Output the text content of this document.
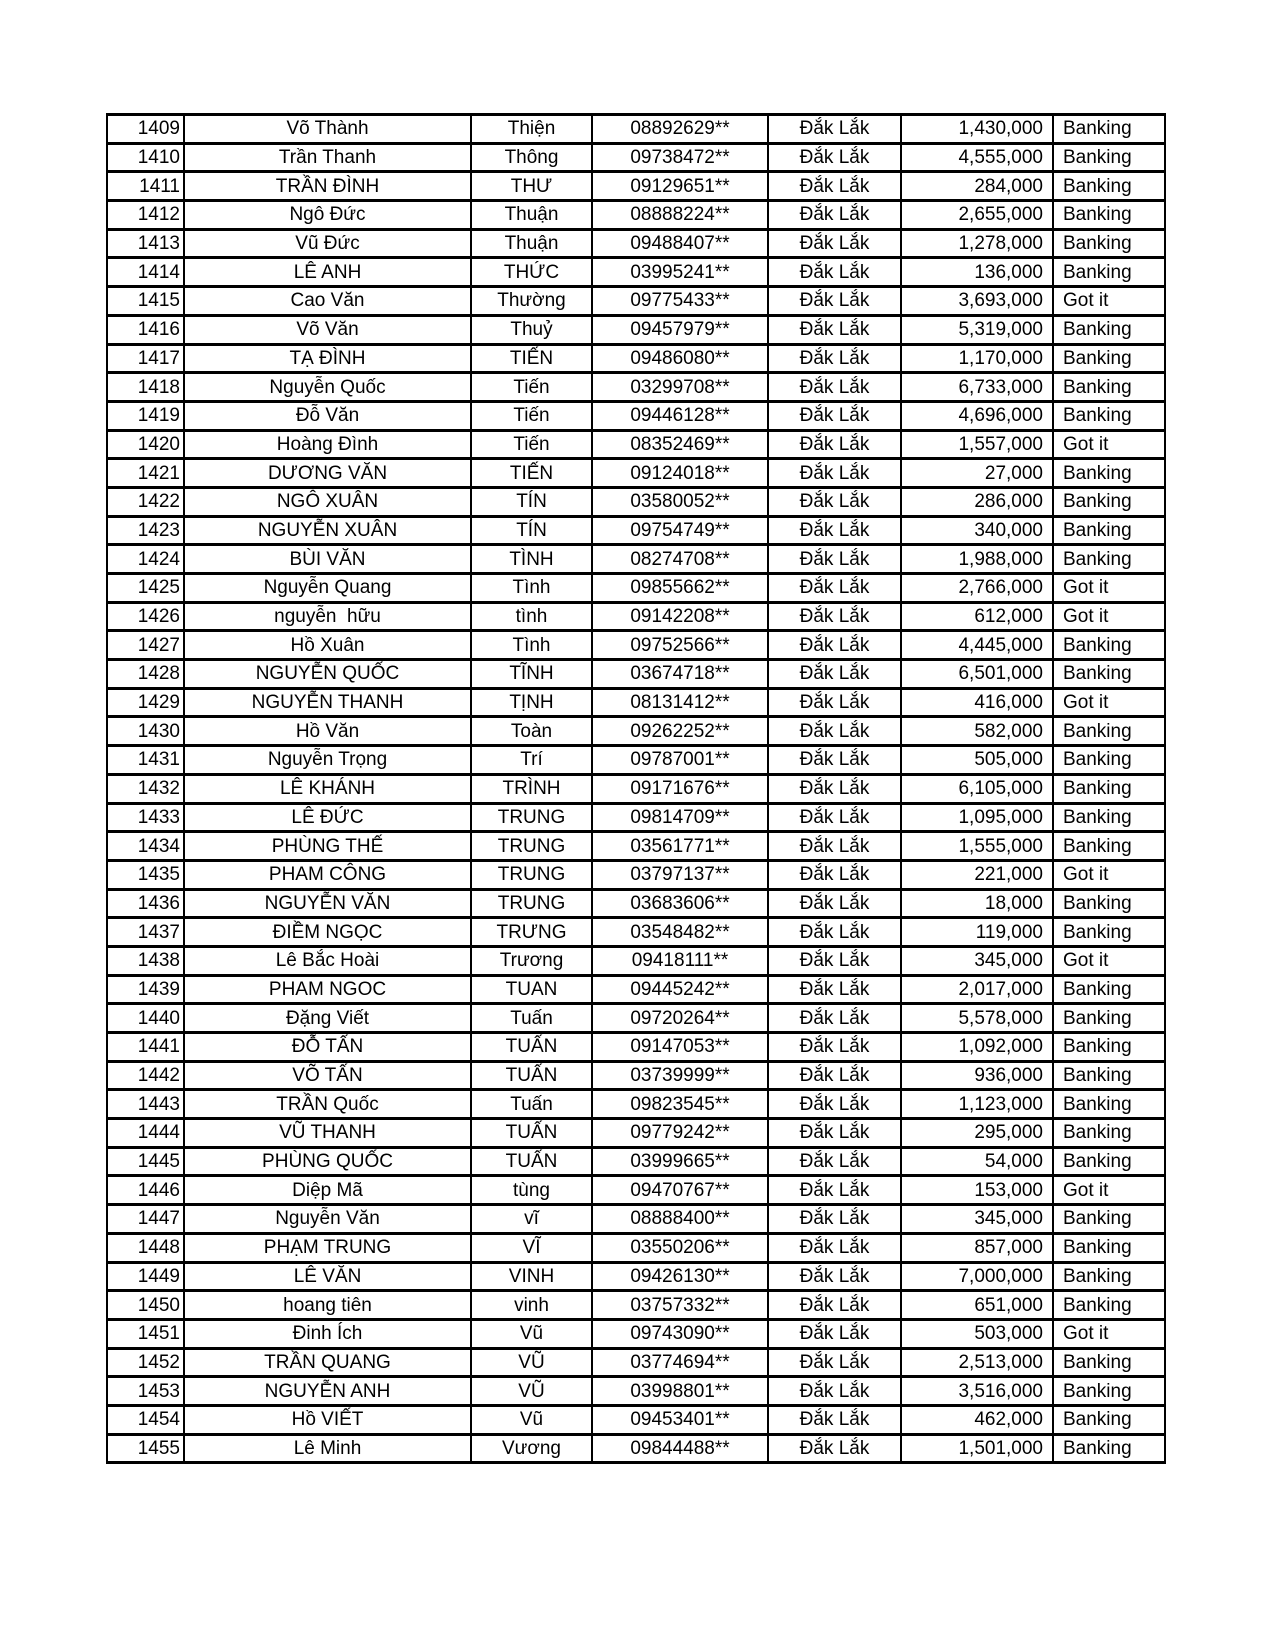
1409	Võ Thành	Thiện	08892629**	Đắk Lắk	1,430,000	Banking
1410	Trần Thanh	Thông	09738472**	Đắk Lắk	4,555,000	Banking
1411	TRẦN ĐÌNH	THƯ	09129651**	Đắk Lắk	284,000	Banking
1412	Ngô Đức	Thuận	08888224**	Đắk Lắk	2,655,000	Banking
1413	Vũ Đức	Thuận	09488407**	Đắk Lắk	1,278,000	Banking
1414	LÊ ANH	THỨC	03995241**	Đắk Lắk	136,000	Banking
1415	Cao Văn	Thường	09775433**	Đắk Lắk	3,693,000	Got it
1416	Võ Văn	Thuỷ	09457979**	Đắk Lắk	5,319,000	Banking
1417	TẠ ĐÌNH	TIẾN	09486080**	Đắk Lắk	1,170,000	Banking
1418	Nguyễn Quốc	Tiến	03299708**	Đắk Lắk	6,733,000	Banking
1419	Đỗ Văn	Tiến	09446128**	Đắk Lắk	4,696,000	Banking
1420	Hoàng Đình	Tiến	08352469**	Đắk Lắk	1,557,000	Got it
1421	DƯƠNG VĂN	TIẾN	09124018**	Đắk Lắk	27,000	Banking
1422	NGÔ XUÂN	TÍN	03580052**	Đắk Lắk	286,000	Banking
1423	NGUYỄN XUÂN	TÍN	09754749**	Đắk Lắk	340,000	Banking
1424	BÙI VĂN	TÌNH	08274708**	Đắk Lắk	1,988,000	Banking
1425	Nguyễn Quang	Tình	09855662**	Đắk Lắk	2,766,000	Got it
1426	nguyễn  hữu	tình	09142208**	Đắk Lắk	612,000	Got it
1427	Hồ Xuân	Tình	09752566**	Đắk Lắk	4,445,000	Banking
1428	NGUYỄN QUỐC	TĨNH	03674718**	Đắk Lắk	6,501,000	Banking
1429	NGUYỄN THANH	TỊNH	08131412**	Đắk Lắk	416,000	Got it
1430	Hồ Văn	Toàn	09262252**	Đắk Lắk	582,000	Banking
1431	Nguyễn Trọng	Trí	09787001**	Đắk Lắk	505,000	Banking
1432	LÊ KHÁNH	TRÌNH	09171676**	Đắk Lắk	6,105,000	Banking
1433	LÊ ĐỨC	TRUNG	09814709**	Đắk Lắk	1,095,000	Banking
1434	PHÙNG THẾ	TRUNG	03561771**	Đắk Lắk	1,555,000	Banking
1435	PHAM CÔNG	TRUNG	03797137**	Đắk Lắk	221,000	Got it
1436	NGUYỄN VĂN	TRUNG	03683606**	Đắk Lắk	18,000	Banking
1437	ĐIỀM NGỌC	TRƯNG	03548482**	Đắk Lắk	119,000	Banking
1438	Lê Bắc Hoài	Trương	09418111**	Đắk Lắk	345,000	Got it
1439	PHAM NGOC	TUAN	09445242**	Đắk Lắk	2,017,000	Banking
1440	Đặng Viết	Tuấn	09720264**	Đắk Lắk	5,578,000	Banking
1441	ĐỖ TẤN	TUẤN	09147053**	Đắk Lắk	1,092,000	Banking
1442	VÕ TẤN	TUẤN	03739999**	Đắk Lắk	936,000	Banking
1443	TRẦN Quốc	Tuấn	09823545**	Đắk Lắk	1,123,000	Banking
1444	VŨ THANH	TUẤN	09779242**	Đắk Lắk	295,000	Banking
1445	PHÙNG QUỐC	TUẤN	03999665**	Đắk Lắk	54,000	Banking
1446	Diệp Mã	tùng	09470767**	Đắk Lắk	153,000	Got it
1447	Nguyễn Văn	vĩ	08888400**	Đắk Lắk	345,000	Banking
1448	PHẠM TRUNG	VĨ	03550206**	Đắk Lắk	857,000	Banking
1449	LÊ VĂN	VINH	09426130**	Đắk Lắk	7,000,000	Banking
1450	hoang tiên	vinh	03757332**	Đắk Lắk	651,000	Banking
1451	Đinh Ích	Vũ	09743090**	Đắk Lắk	503,000	Got it
1452	TRẦN QUANG	VŨ	03774694**	Đắk Lắk	2,513,000	Banking
1453	NGUYỄN ANH	VŨ	03998801**	Đắk Lắk	3,516,000	Banking
1454	Hồ VIẾT	Vũ	09453401**	Đắk Lắk	462,000	Banking
1455	Lê Minh	Vương	09844488**	Đắk Lắk	1,501,000	Banking
